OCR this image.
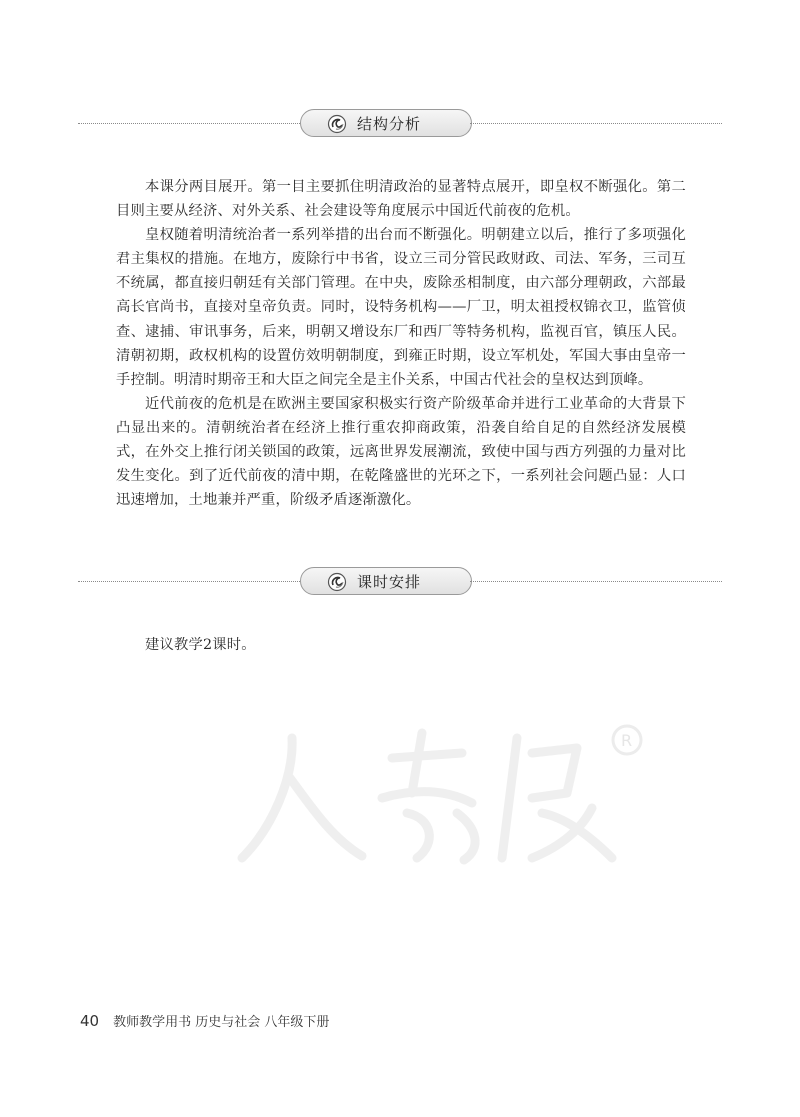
结构分析

本课分两目展开。第一目主要抓住明清政治的显著特点展开，即皇权不断强化。第二目则主要从经济、对外关系、社会建设等角度展示中国近代前夜的危机。

皇权随着明清统治者一系列举措的出台而不断强化。明朝建立以后，推行了多项强化君主集权的措施。在地方，废除行中书省，设立三司分管民政财政、司法、军务，三司互不统属，都直接归朝廷有关部门管理。在中央，废除丞相制度，由六部分理朝政，六部最高长官尚书，直接对皇帝负责。同时，设特务机构——厂卫，明太祖授权锦衣卫，监管侦查、逮捕、审讯事务，后来，明朝又增设东厂和西厂等特务机构，监视百官，镇压人民。清朝初期，政权机构的设置仿效明朝制度，到雍正时期，设立军机处，军国大事由皇帝一手控制。明清时期帝王和大臣之间完全是主仆关系，中国古代社会的皇权达到顶峰。

近代前夜的危机是在欧洲主要国家积极实行资产阶级革命并进行工业革命的大背景下凸显出来的。清朝统治者在经济上推行重农抑商政策，沿袭自给自足的自然经济发展模式，在外交上推行闭关锁国的政策，远离世界发展潮流，致使中国与西方列强的力量对比发生变化。到了近代前夜的清中期，在乾隆盛世的光环之下，一系列社会问题凸显：人口迅速增加，土地兼并严重，阶级矛盾逐渐激化。

课时安排

建议教学2课时。

R
40 教师教学用书 历史与社会 八年级下册
